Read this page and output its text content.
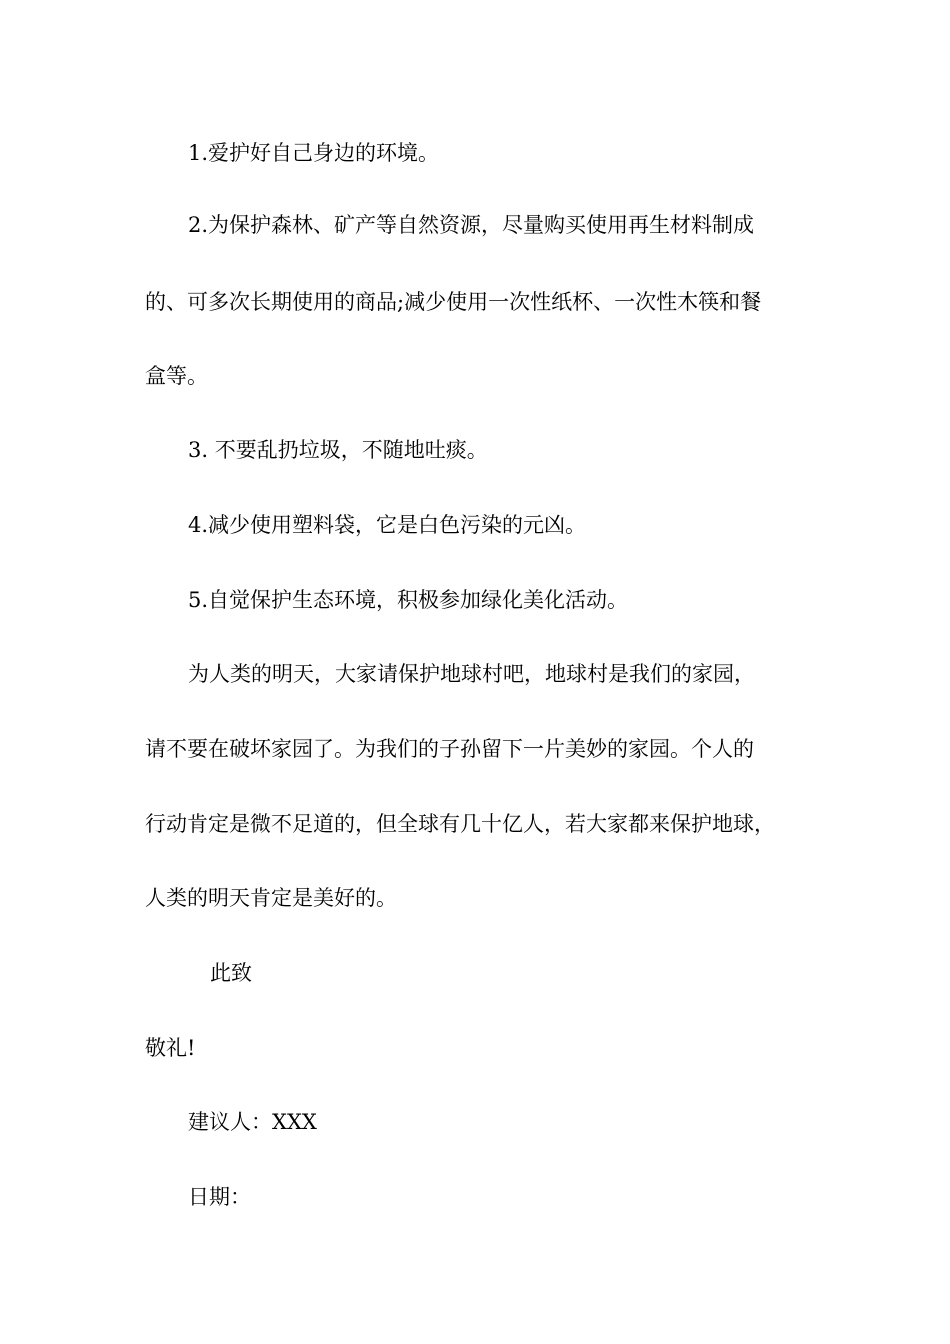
1.爱护好自己身边的环境。
2.为保护森林、矿产等自然资源，尽量购买使用再生材料制成
的、可多次长期使用的商品;减少使用一次性纸杯、一次性木筷和餐
盒等。
3. 不要乱扔垃圾，不随地吐痰。
4.减少使用塑料袋，它是白色污染的元凶。
5.自觉保护生态环境，积极参加绿化美化活动。
为人类的明天，大家请保护地球村吧，地球村是我们的家园，
请不要在破坏家园了。为我们的子孙留下一片美妙的家园。个人的
行动肯定是微不足道的，但全球有几十亿人，若大家都来保护地球，
人类的明天肯定是美好的。
此致
敬礼!
建议人：XXX
日期：
